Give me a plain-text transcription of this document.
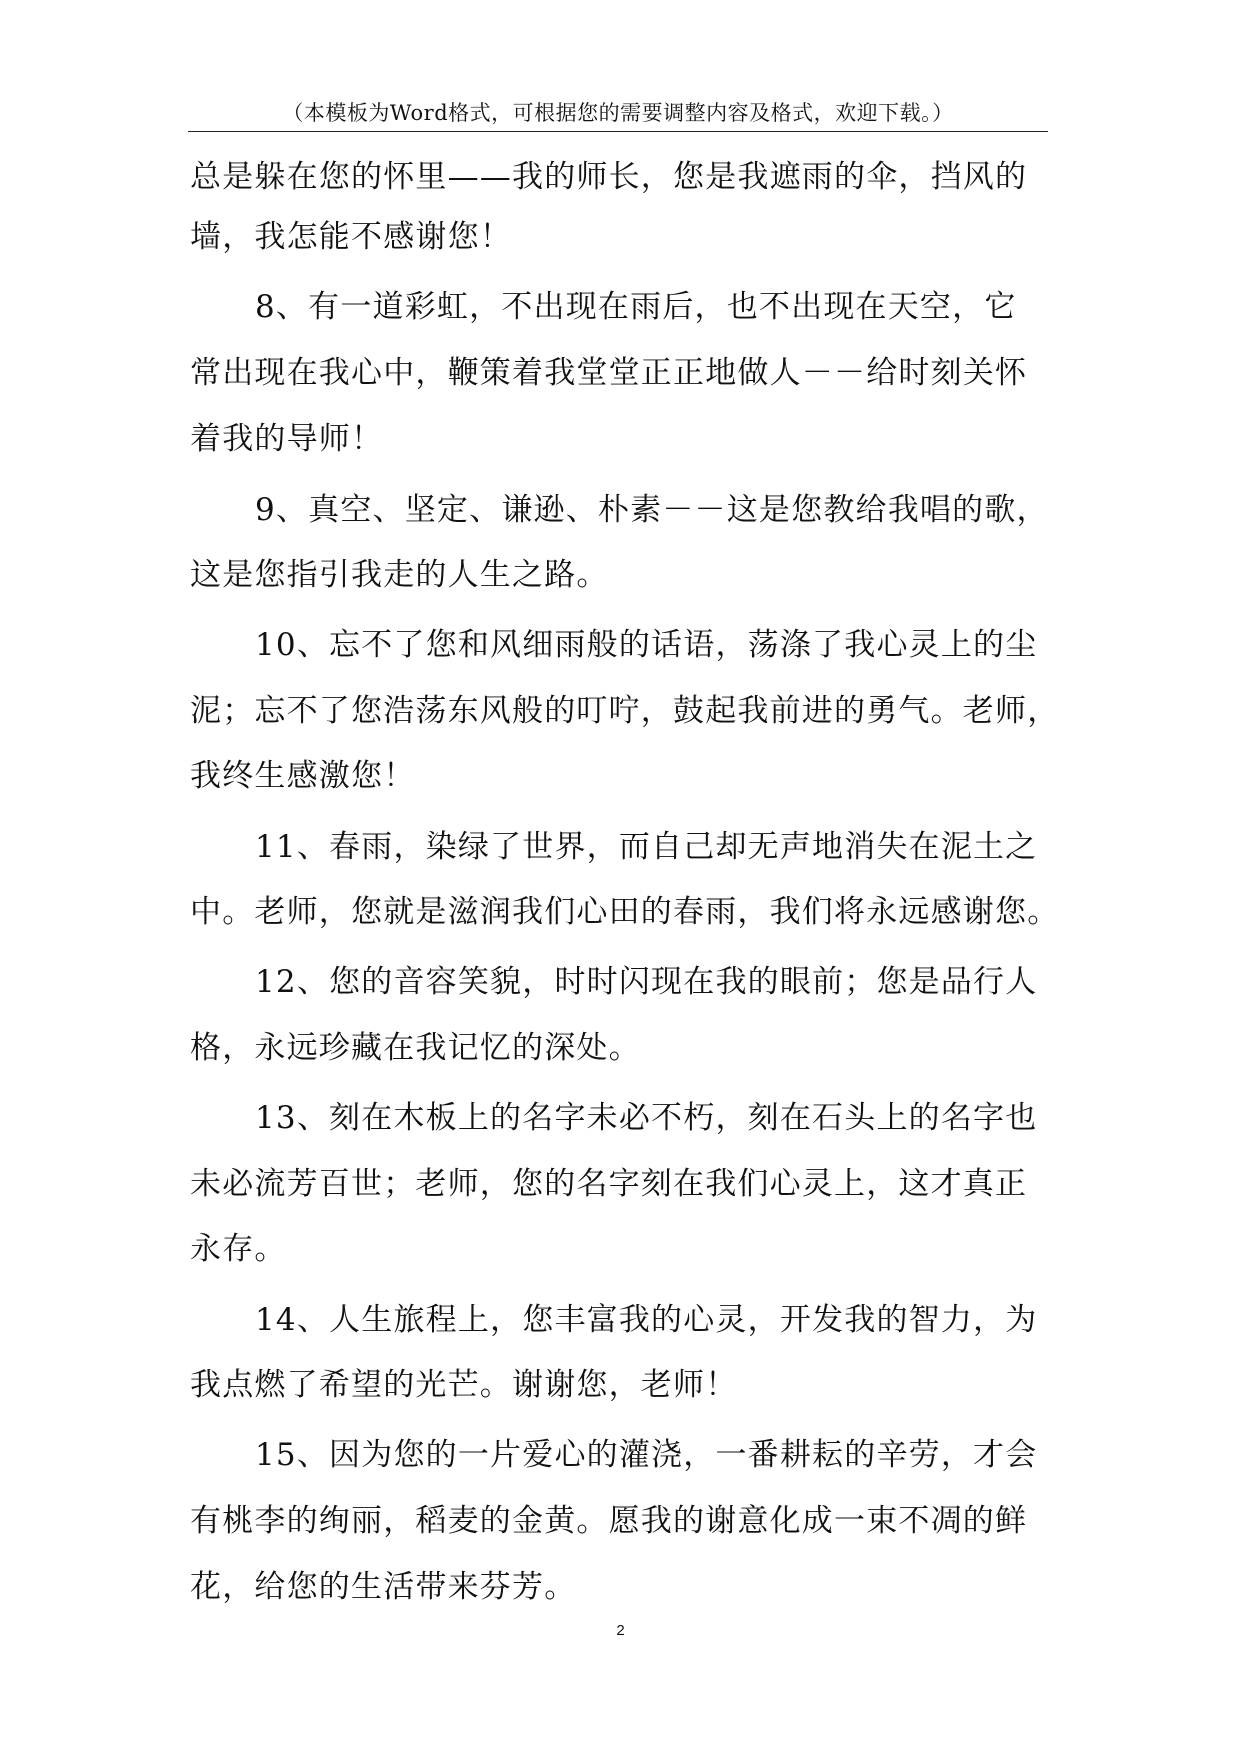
（本模板为Word格式，可根据您的需要调整内容及格式，欢迎下载。）
总是躲在您的怀里——我的师长，您是我遮雨的伞，挡风的
墙，我怎能不感谢您！
8、有一道彩虹，不出现在雨后，也不出现在天空，它
常出现在我心中，鞭策着我堂堂正正地做人－－给时刻关怀
着我的导师！
9、真空、坚定、谦逊、朴素－－这是您教给我唱的歌，
这是您指引我走的人生之路。
10、忘不了您和风细雨般的话语，荡涤了我心灵上的尘
泥；忘不了您浩荡东风般的叮咛，鼓起我前进的勇气。老师，
我终生感激您！
11、春雨，染绿了世界，而自己却无声地消失在泥土之
中。老师，您就是滋润我们心田的春雨，我们将永远感谢您。
12、您的音容笑貌，时时闪现在我的眼前；您是品行人
格，永远珍藏在我记忆的深处。
13、刻在木板上的名字未必不朽，刻在石头上的名字也
未必流芳百世；老师，您的名字刻在我们心灵上，这才真正
永存。
14、人生旅程上，您丰富我的心灵，开发我的智力，为
我点燃了希望的光芒。谢谢您，老师！
15、因为您的一片爱心的灌浇，一番耕耘的辛劳，才会
有桃李的绚丽，稻麦的金黄。愿我的谢意化成一束不凋的鲜
花，给您的生活带来芬芳。
2
